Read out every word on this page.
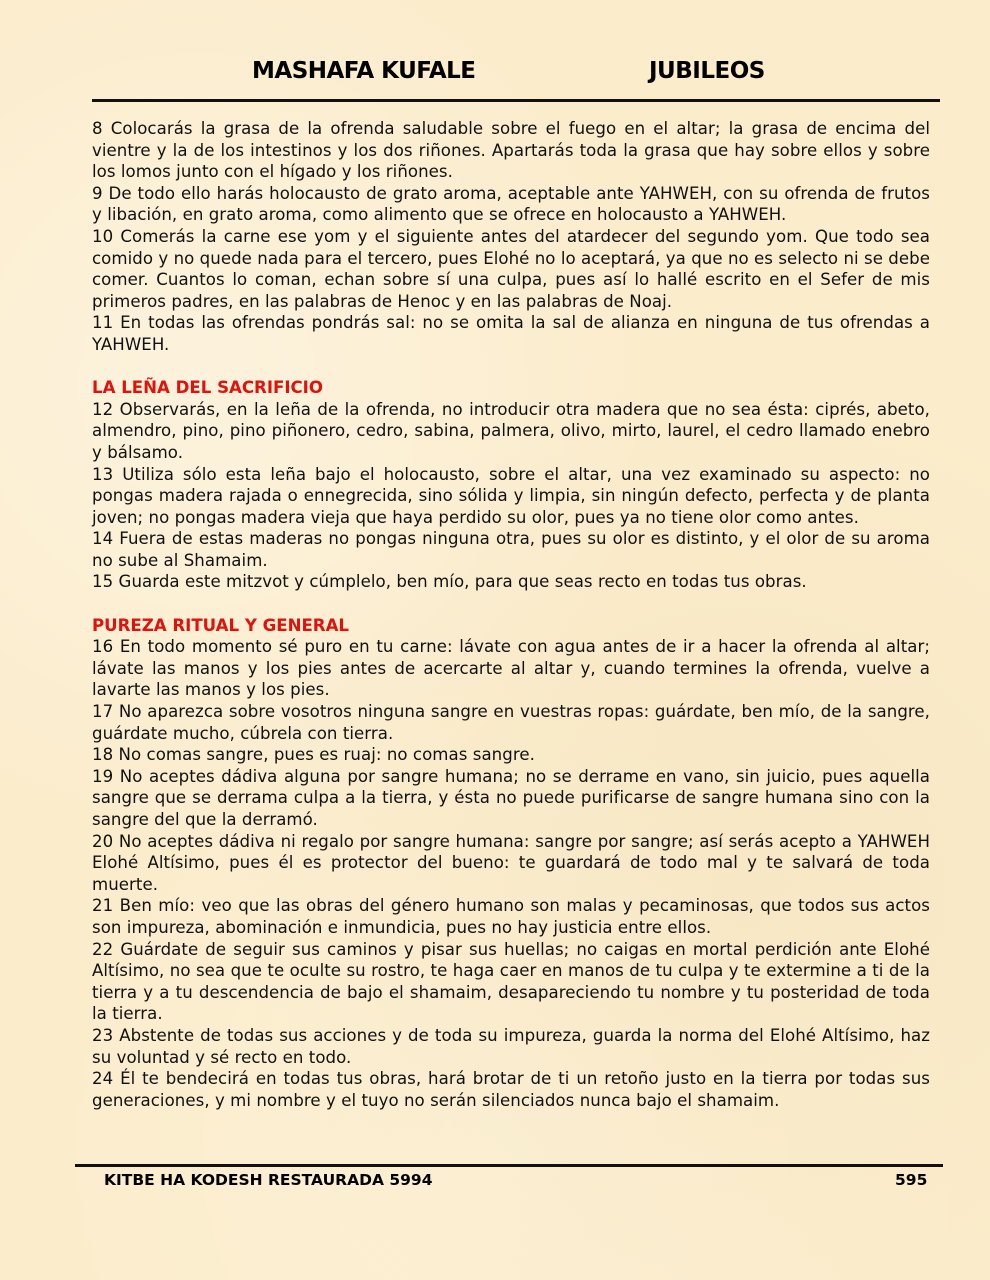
MASHAFA KUFALE	JUBILEOS

8 Colocarás la grasa de la ofrenda saludable sobre el fuego en el altar; la grasa de encima del vientre y la de los intestinos y los dos riñones. Apartarás toda la grasa que hay sobre ellos y sobre los lomos junto con el hígado y los riñones.

9 De todo ello harás holocausto de grato aroma, aceptable ante YAHWEH, con su ofrenda de frutos y libación, en grato aroma, como alimento que se ofrece en holocausto a YAHWEH.

10 Comerás la carne ese yom y el siguiente antes del atardecer del segundo yom. Que todo sea comido y no quede nada para el tercero, pues Elohé no lo aceptará, ya que no es selecto ni se debe comer. Cuantos lo coman, echan sobre sí una culpa, pues así lo hallé escrito en el Sefer de mis primeros padres, en las palabras de Henoc y en las palabras de Noaj.

11 En todas las ofrendas pondrás sal: no se omita la sal de alianza en ninguna de tus ofrendas a YAHWEH.

LA LEÑA DEL SACRIFICIO

12 Observarás, en la leña de la ofrenda, no introducir otra madera que no sea ésta: ciprés, abeto, almendro, pino, pino piñonero, cedro, sabina, palmera, olivo, mirto, laurel, el cedro llamado enebro y bálsamo.

13 Utiliza sólo esta leña bajo el holocausto, sobre el altar, una vez examinado su aspecto: no pongas madera rajada o ennegrecida, sino sólida y limpia, sin ningún defecto, perfecta y de planta joven; no pongas madera vieja que haya perdido su olor, pues ya no tiene olor como antes.

14 Fuera de estas maderas no pongas ninguna otra, pues su olor es distinto, y el olor de su aroma no sube al Shamaim.

15 Guarda este mitzvot y cúmplelo, ben mío, para que seas recto en todas tus obras.

PUREZA RITUAL Y GENERAL

16 En todo momento sé puro en tu carne: lávate con agua antes de ir a hacer la ofrenda al altar; lávate las manos y los pies antes de acercarte al altar y, cuando termines la ofrenda, vuelve a lavarte las manos y los pies.

17 No aparezca sobre vosotros ninguna sangre en vuestras ropas: guárdate, ben mío, de la sangre, guárdate mucho, cúbrela con tierra.

18 No comas sangre, pues es ruaj: no comas sangre.

19 No aceptes dádiva alguna por sangre humana; no se derrame en vano, sin juicio, pues aquella sangre que se derrama culpa a la tierra, y ésta no puede purificarse de sangre humana sino con la sangre del que la derramó.

20 No aceptes dádiva ni regalo por sangre humana: sangre por sangre; así serás acepto a YAHWEH Elohé Altísimo, pues él es protector del bueno: te guardará de todo mal y te salvará de toda muerte.

21 Ben mío: veo que las obras del género humano son malas y pecaminosas, que todos sus actos son impureza, abominación e inmundicia, pues no hay justicia entre ellos.

22 Guárdate de seguir sus caminos y pisar sus huellas; no caigas en mortal perdición ante Elohé Altísimo, no sea que te oculte su rostro, te haga caer en manos de tu culpa y te extermine a ti de la tierra y a tu descendencia de bajo el shamaim, desapareciendo tu nombre y tu posteridad de toda la tierra.

23 Abstente de todas sus acciones y de toda su impureza, guarda la norma del Elohé Altísimo, haz su voluntad y sé recto en todo.

24 Él te bendecirá en todas tus obras, hará brotar de ti un retoño justo en la tierra por todas sus generaciones, y mi nombre y el tuyo no serán silenciados nunca bajo el shamaim.

KITBE HA KODESH RESTAURADA 5994	595
